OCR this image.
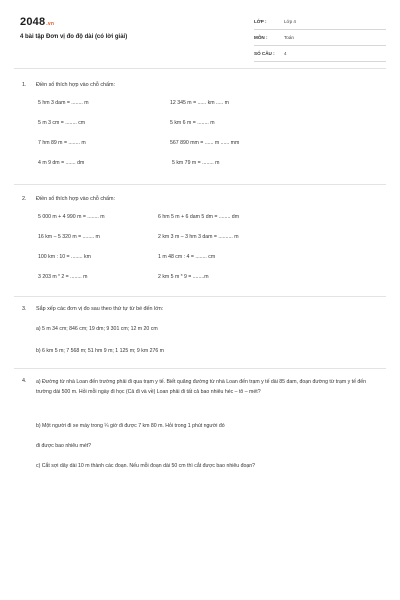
2048.vn
4 bài tập Đơn vị đo độ dài (có lời giải)
LỚP :	Lớp 4
MÔN :	Toán
SỐ CÂU : 4
1. Điền số thích hợp vào chỗ chấm:
5 hm 3 dam = ........ m
5 m 3 cm = ........ cm
7 hm 89 m = ........ m
4 m 9 dm = ....... dm
12 345 m = ...... km ..... m
5 km 6 m = ........ m
567 890 mm = ...... m ...... mm
5 km 79 m = ........ m
2. Điền số thích hợp vào chỗ chấm:
5 000 m + 4 990 m = ........ m
16 km – 5 320 m = ........ m
100 km : 10 = ........ km
3 203 m ˟ 2 = ........ m
6 hm 5 m + 6 dam 5 dm = ........ dm
2 km 3 m – 3 hm 3 dam = .......... m
1 m 48 cm : 4 = ........ cm
2 km 5 m ˟ 9 = ........m
3. Sắp xếp các đơn vị đo sau theo thứ tự từ bé đến lớn:
a) 5 m 34 cm; 846 cm; 19 dm; 9 301 cm; 12 m 20 cm
b) 6 km 5 m; 7 568 m; 51 hm 9 m; 1 125 m; 9 km 276 m
4. a) Đường từ nhà Loan đến trường phải đi qua trạm y tế. Biết quãng đường từ nhà Loan đến trạm y tế dài 85 dam, đoạn đường từ trạm y tế đến trường dài 500 m. Hỏi mỗi ngày đi học (Cả đi và về) Loan phải đi tất cả bao nhiêu héc – tô – mét?
b) Một người đi xe máy trong ¼ giờ đi được 7 km 80 m. Hỏi trong 1 phút người đó
đi được bao nhiêu mét?
c) Cắt sợi dây dài 10 m thành các đoạn. Nếu mỗi đoạn dài 50 cm thì cắt được bao nhiêu đoạn?
